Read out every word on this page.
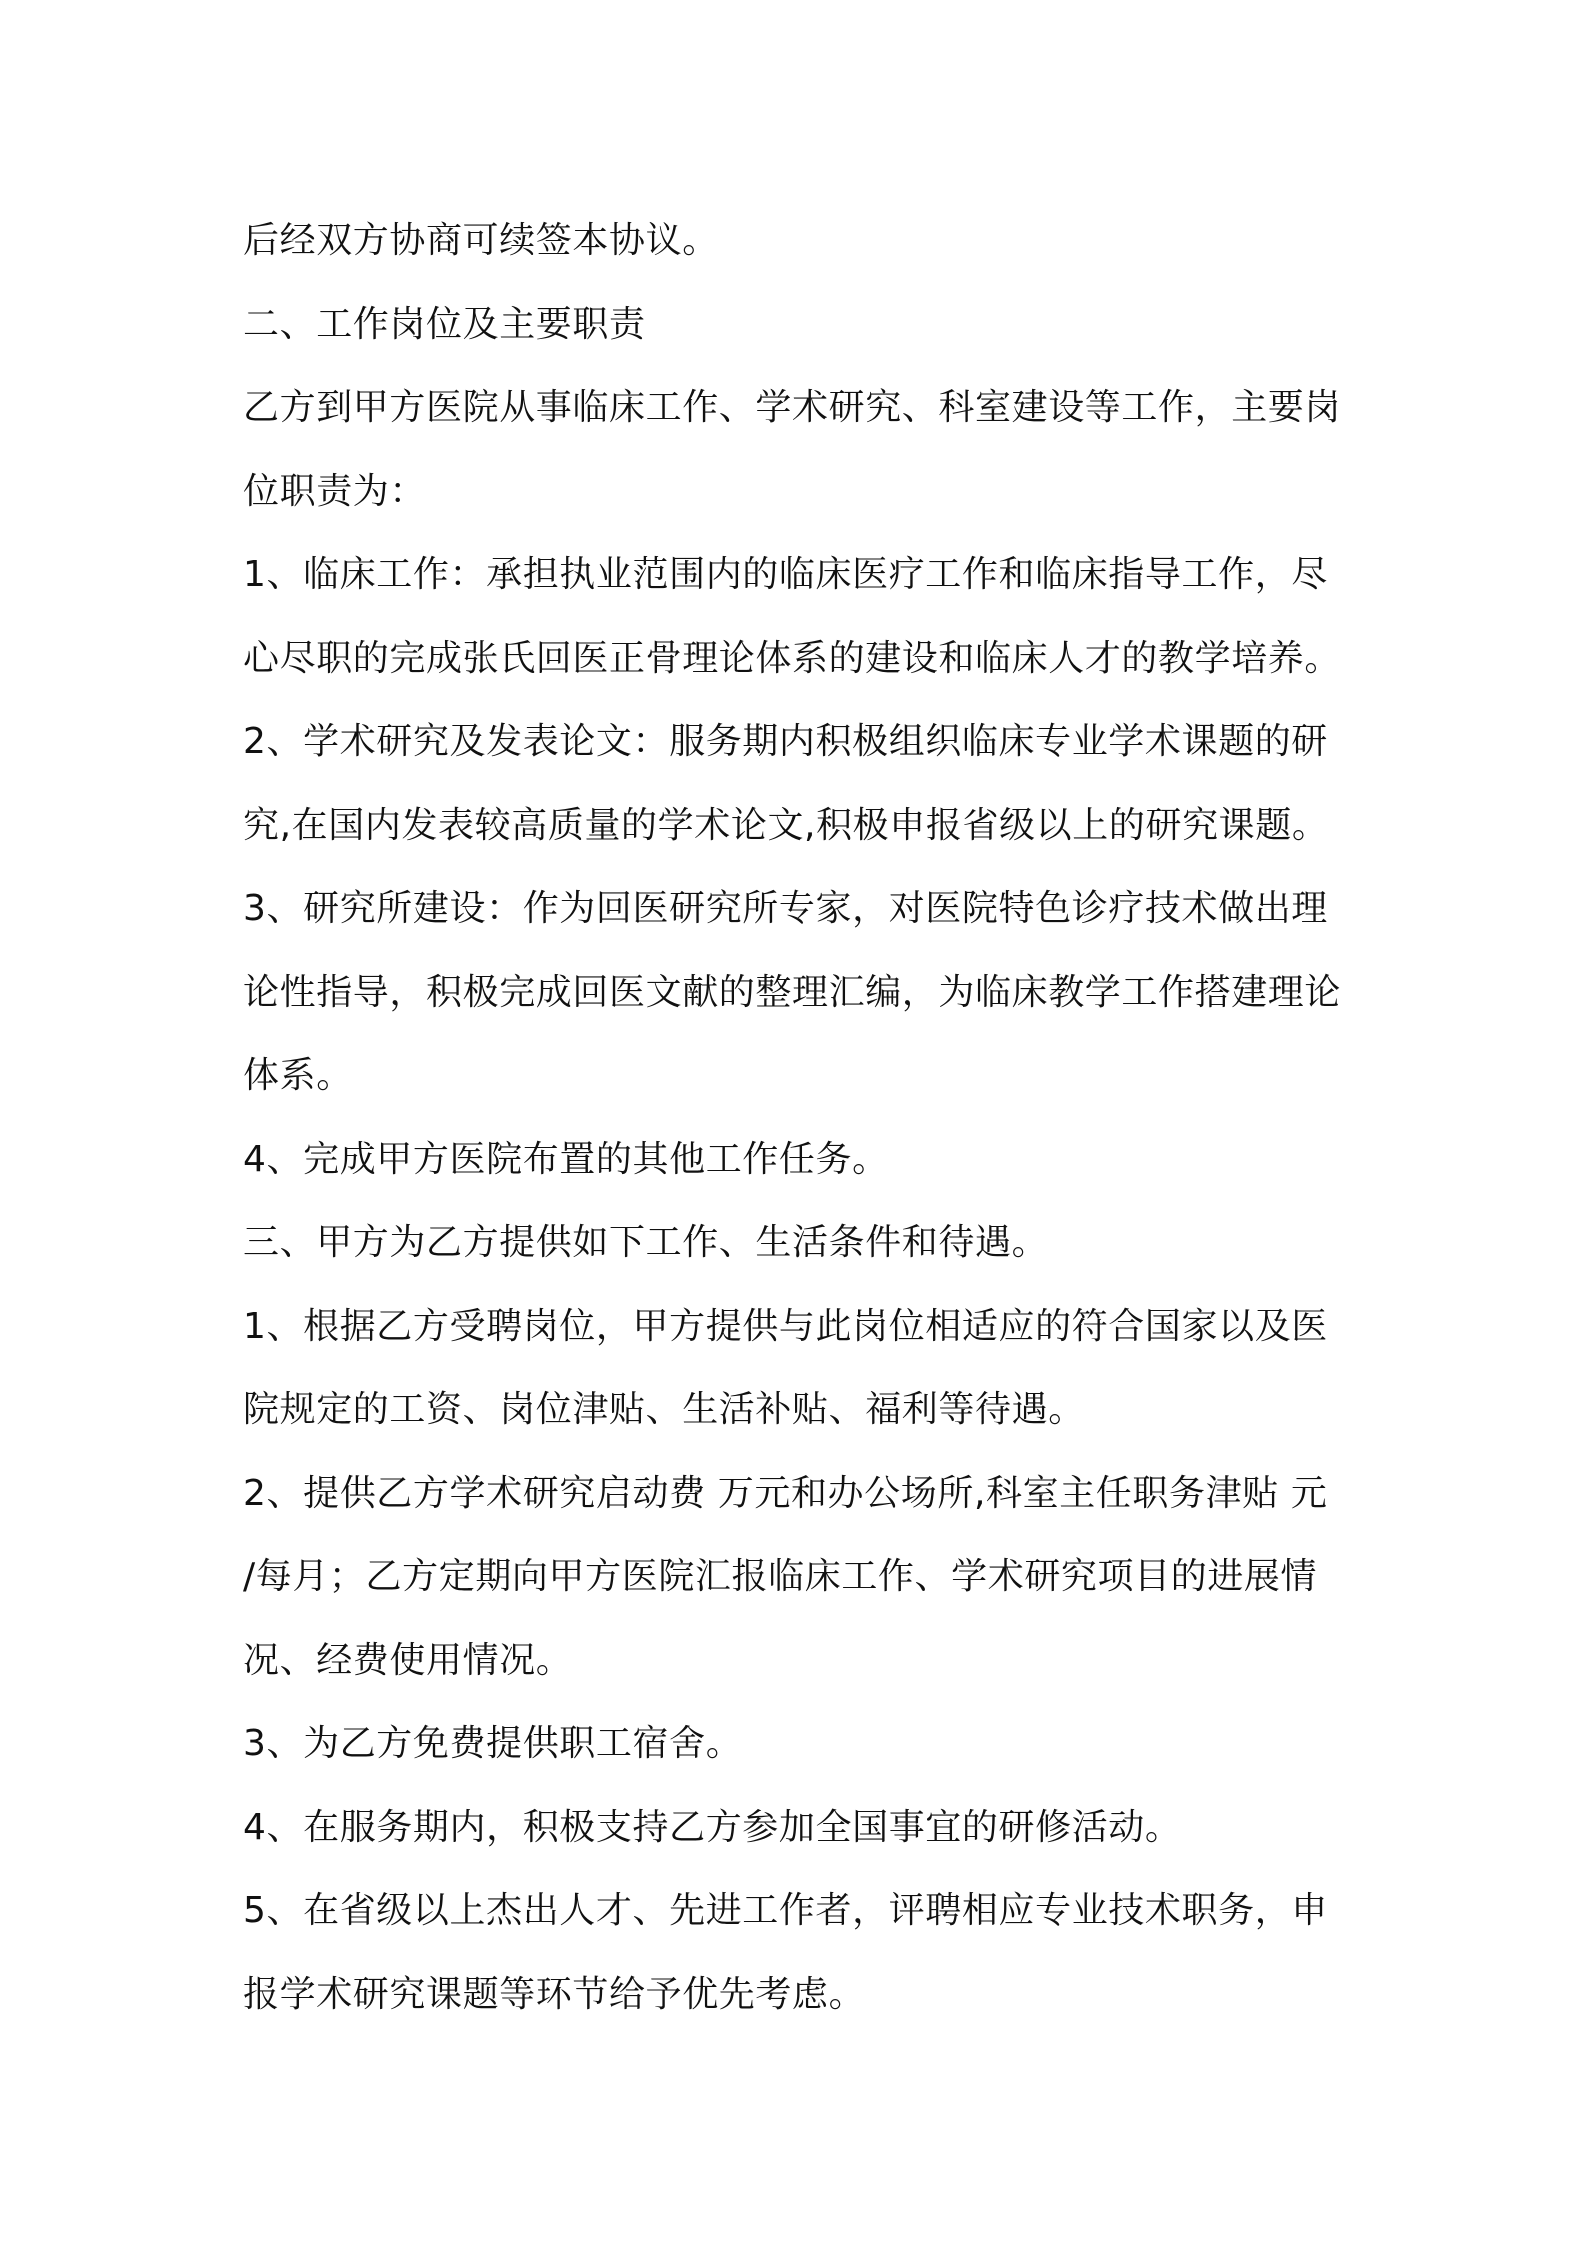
后经双方协商可续签本协议。
二、工作岗位及主要职责
乙方到甲方医院从事临床工作、学术研究、科室建设等工作，主要岗
位职责为：
1、临床工作：承担执业范围内的临床医疗工作和临床指导工作，尽
心尽职的完成张氏回医正骨理论体系的建设和临床人才的教学培养。
2、学术研究及发表论文：服务期内积极组织临床专业学术课题的研
究,在国内发表较高质量的学术论文,积极申报省级以上的研究课题。
3、研究所建设：作为回医研究所专家，对医院特色诊疗技术做出理
论性指导，积极完成回医文献的整理汇编，为临床教学工作搭建理论
体系。
4、完成甲方医院布置的其他工作任务。
三、甲方为乙方提供如下工作、生活条件和待遇。
1、根据乙方受聘岗位，甲方提供与此岗位相适应的符合国家以及医
院规定的工资、岗位津贴、生活补贴、福利等待遇。
2、提供乙方学术研究启动费 万元和办公场所,科室主任职务津贴 元
/每月；乙方定期向甲方医院汇报临床工作、学术研究项目的进展情
况、经费使用情况。
3、为乙方免费提供职工宿舍。
4、在服务期内，积极支持乙方参加全国事宜的研修活动。
5、在省级以上杰出人才、先进工作者，评聘相应专业技术职务，申
报学术研究课题等环节给予优先考虑。
